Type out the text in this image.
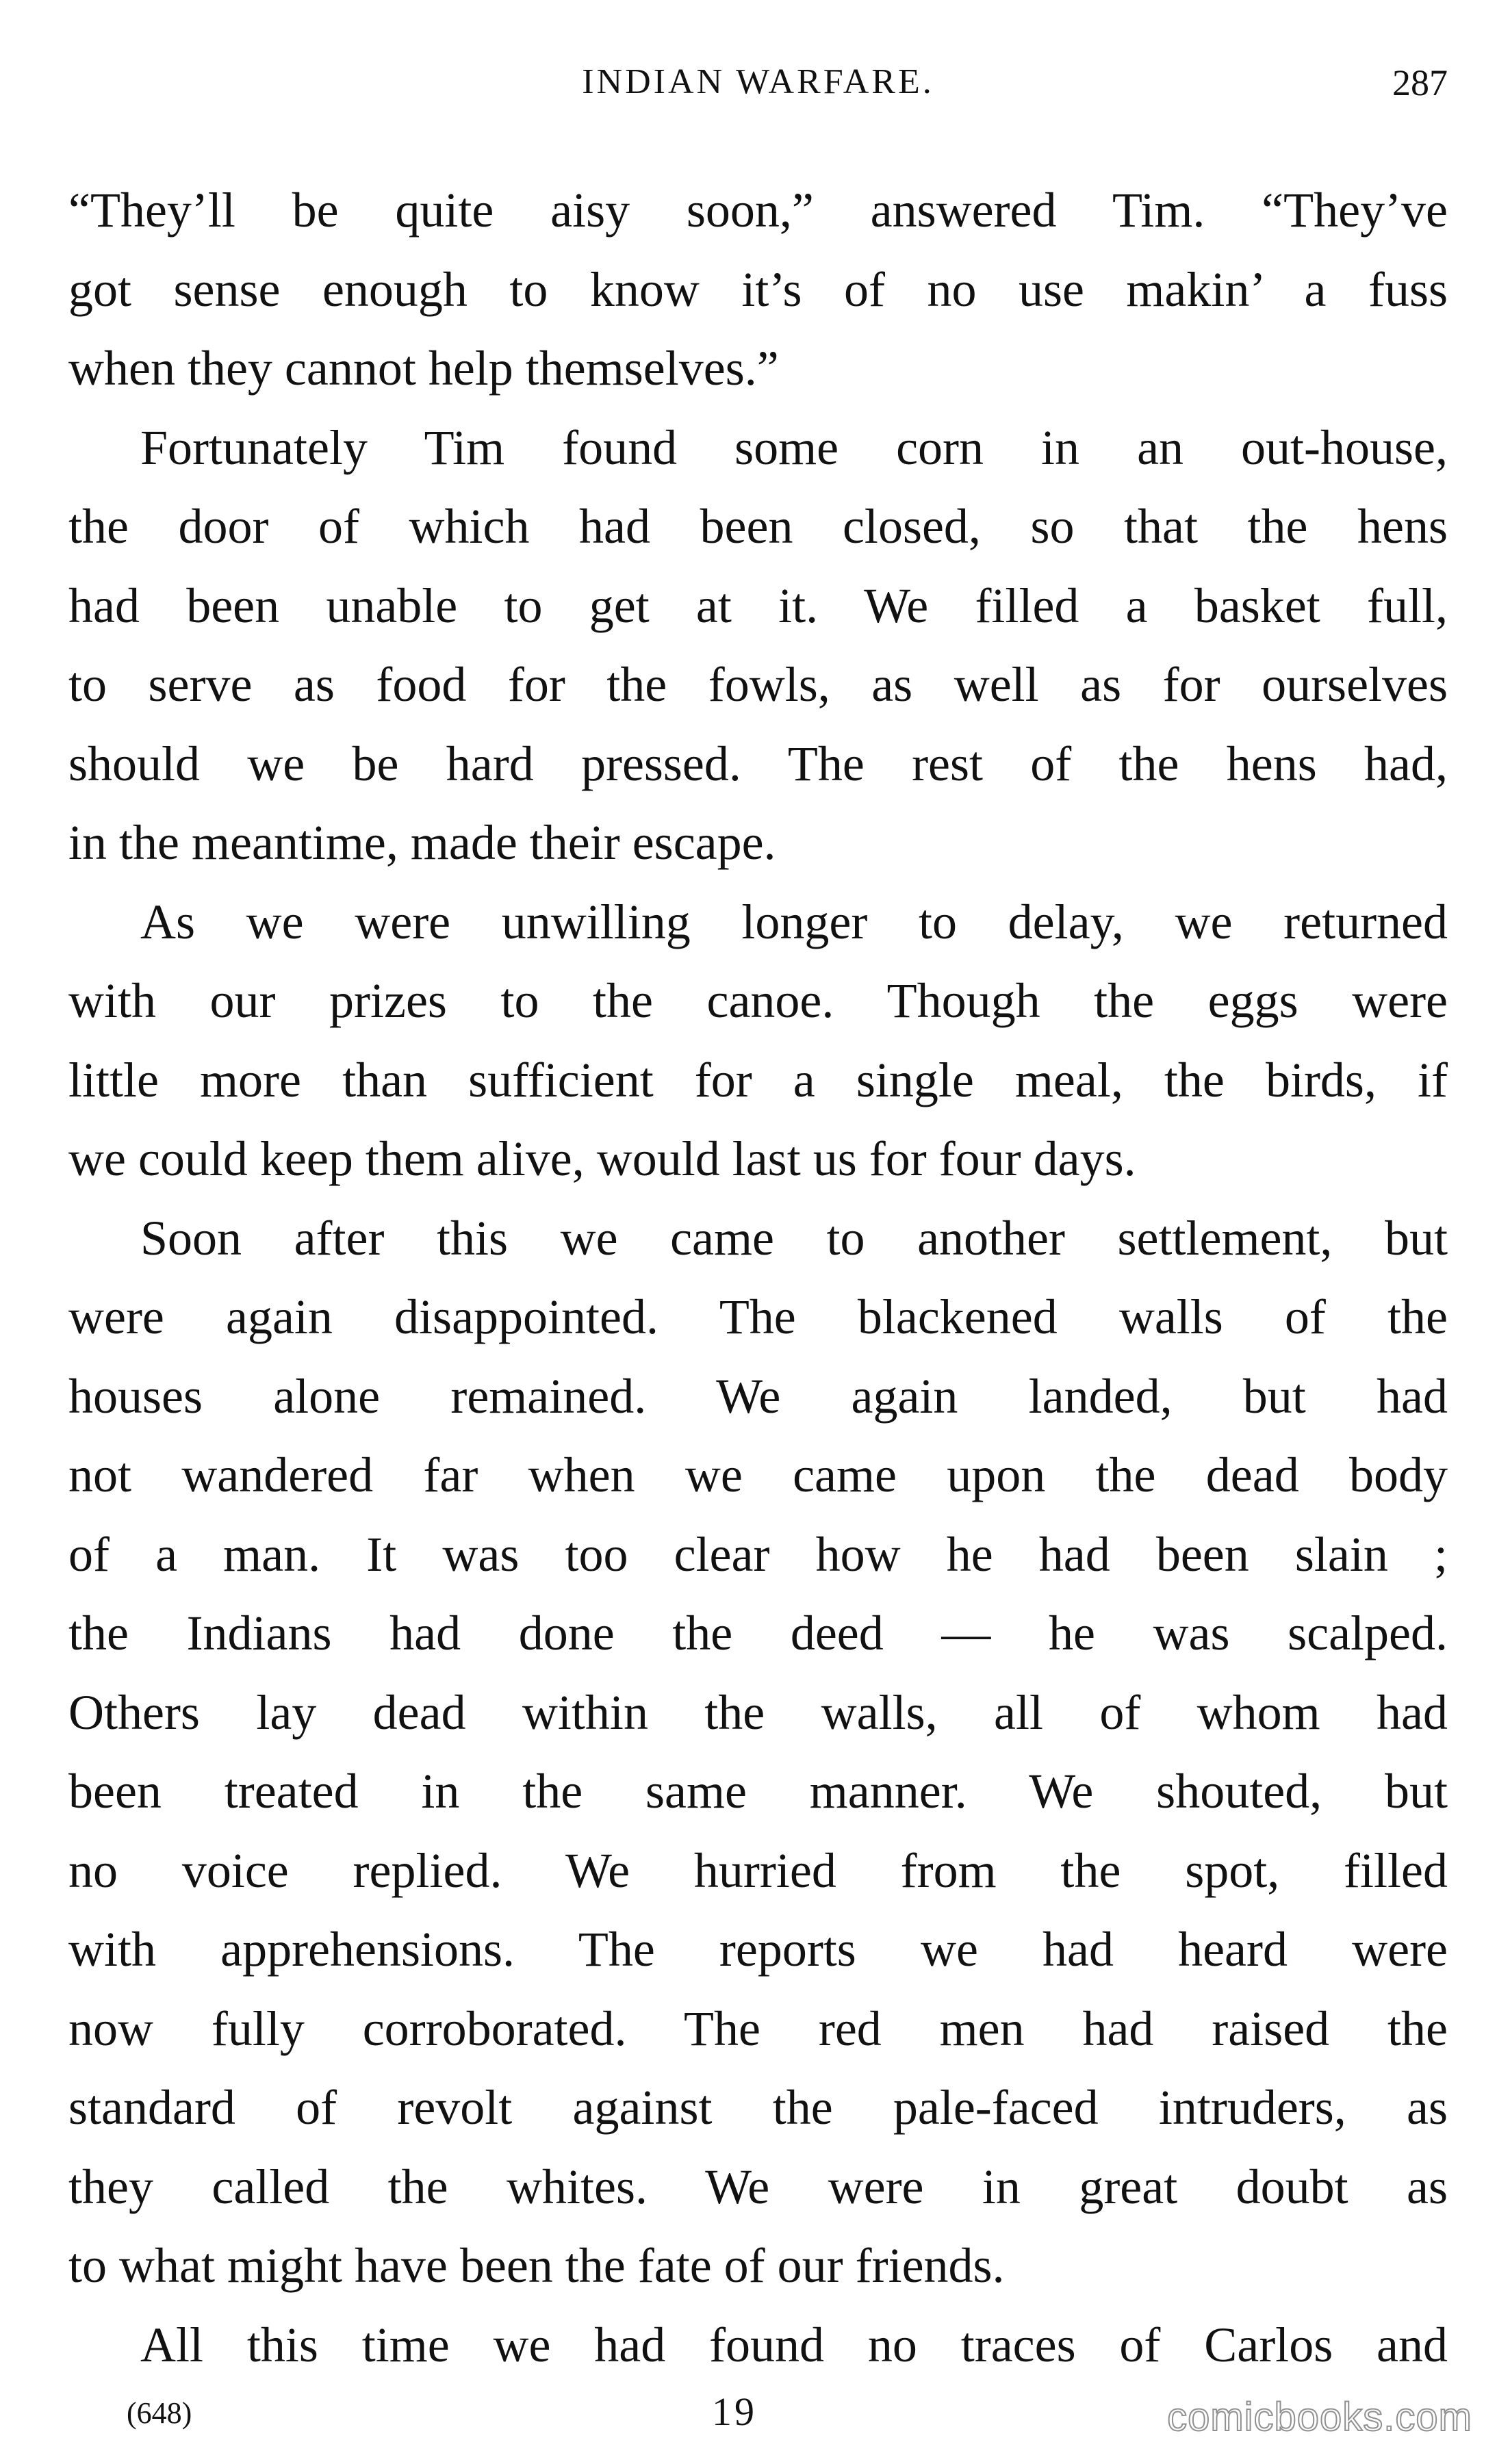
INDIAN WARFARE.	287
“They’ll be quite aisy soon,” answered Tim. “They’ve
got sense enough to know it’s of no use makin’ a fuss
when they cannot help themselves.”
Fortunately Tim found some corn in an out-house,
the door of which had been closed, so that the hens
had been unable to get at it. We filled a basket full,
to serve as food for the fowls, as well as for ourselves
should we be hard pressed. The rest of the hens had,
in the meantime, made their escape.
As we were unwilling longer to delay, we returned
with our prizes to the canoe. Though the eggs were
little more than sufficient for a single meal, the birds, if
we could keep them alive, would last us for four days.
Soon after this we came to another settlement, but
were again disappointed. The blackened walls of the
houses alone remained. We again landed, but had
not wandered far when we came upon the dead body
of a man. It was too clear how he had been slain ;
the Indians had done the deed — he was scalped.
Others lay dead within the walls, all of whom had
been treated in the same manner. We shouted, but
no voice replied. We hurried from the spot, filled
with apprehensions. The reports we had heard were
now fully corroborated. The red men had raised the
standard of revolt against the pale-faced intruders, as
they called the whites. We were in great doubt as
to what might have been the fate of our friends.
All this time we had found no traces of Carlos and
(648)	19	comicbooks.com
